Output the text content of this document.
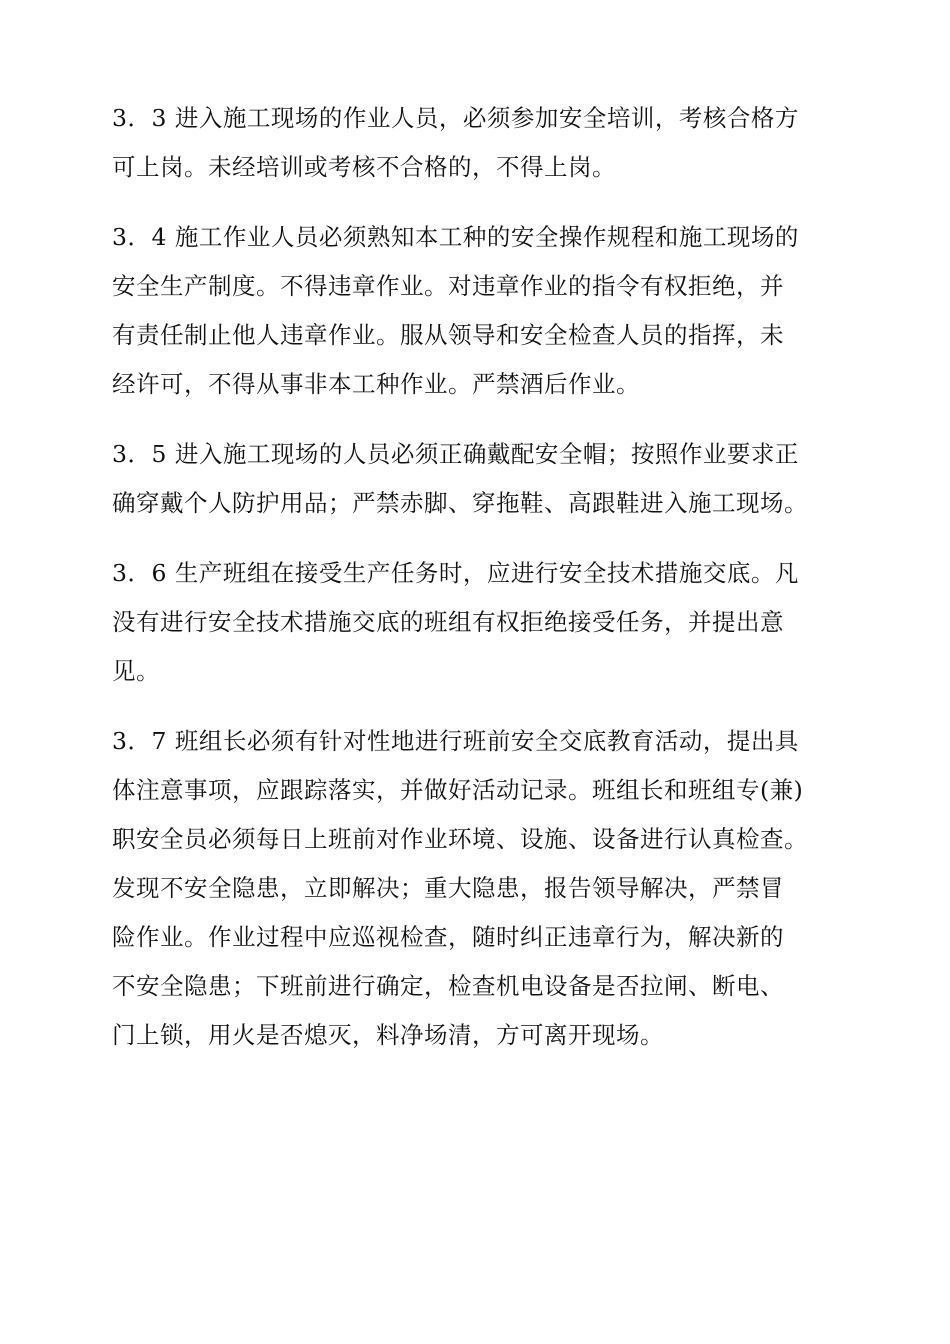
3．3 进入施工现场的作业人员，必须参加安全培训，考核合格方
可上岗。未经培训或考核不合格的，不得上岗。

3．4 施工作业人员必须熟知本工种的安全操作规程和施工现场的
安全生产制度。不得违章作业。对违章作业的指令有权拒绝，并
有责任制止他人违章作业。服从领导和安全检查人员的指挥，未
经许可，不得从事非本工种作业。严禁酒后作业。

3．5 进入施工现场的人员必须正确戴配安全帽；按照作业要求正
确穿戴个人防护用品；严禁赤脚、穿拖鞋、高跟鞋进入施工现场。

3．6 生产班组在接受生产任务时，应进行安全技术措施交底。凡
没有进行安全技术措施交底的班组有权拒绝接受任务，并提出意
见。

3．7 班组长必须有针对性地进行班前安全交底教育活动，提出具
体注意事项，应跟踪落实，并做好活动记录。班组长和班组专(兼)
职安全员必须每日上班前对作业环境、设施、设备进行认真检查。
发现不安全隐患，立即解决；重大隐患，报告领导解决，严禁冒
险作业。作业过程中应巡视检查，随时纠正违章行为，解决新的
不安全隐患；下班前进行确定，检查机电设备是否拉闸、断电、
门上锁，用火是否熄灭，料净场清，方可离开现场。
